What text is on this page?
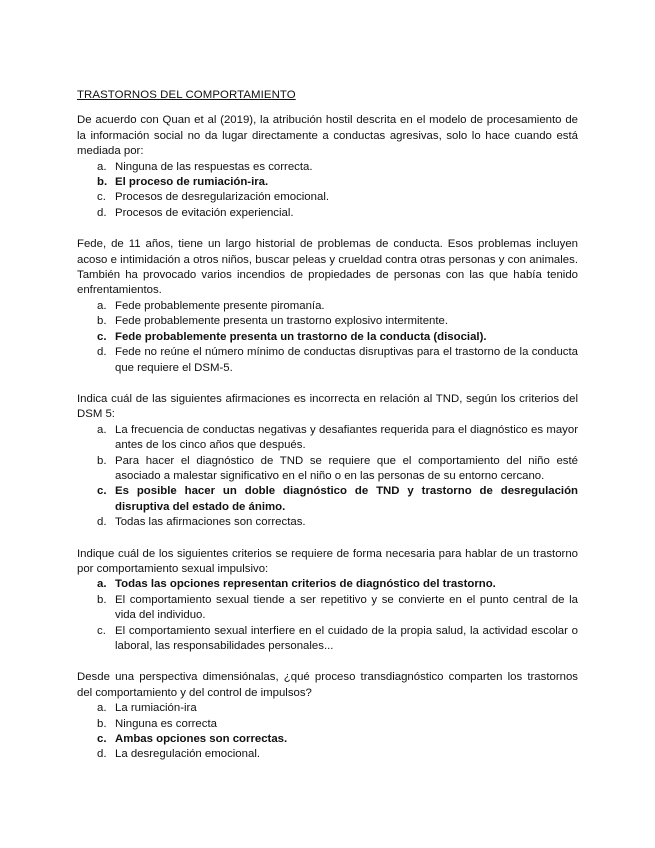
TRASTORNOS DEL COMPORTAMIENTO

De acuerdo con Quan et al (2019), la atribución hostil descrita en el modelo de procesamiento de la información social no da lugar directamente a conductas agresivas, solo lo hace cuando está mediada por:

a. Ninguna de las respuestas es correcta.
b. El proceso de rumiación-ira.
c. Procesos de desregularización emocional.
d. Procesos de evitación experiencial.

Fede, de 11 años, tiene un largo historial de problemas de conducta. Esos problemas incluyen acoso e intimidación a otros niños, buscar peleas y crueldad contra otras personas y con animales. También ha provocado varios incendios de propiedades de personas con las que había tenido enfrentamientos.

a. Fede probablemente presente piromanía.
b. Fede probablemente presenta un trastorno explosivo intermitente.
c. Fede probablemente presenta un trastorno de la conducta (disocial).
d. Fede no reúne el número mínimo de conductas disruptivas para el trastorno de la conducta que requiere el DSM-5.

Indica cuál de las siguientes afirmaciones es incorrecta en relación al TND, según los criterios del DSM 5:

a. La frecuencia de conductas negativas y desafiantes requerida para el diagnóstico es mayor antes de los cinco años que después.
b. Para hacer el diagnóstico de TND se requiere que el comportamiento del niño esté asociado a malestar significativo en el niño o en las personas de su entorno cercano.
c. Es posible hacer un doble diagnóstico de TND y trastorno de desregulación disruptiva del estado de ánimo.
d. Todas las afirmaciones son correctas.

Indique cuál de los siguientes criterios se requiere de forma necesaria para hablar de un trastorno por comportamiento sexual impulsivo:

a. Todas las opciones representan criterios de diagnóstico del trastorno.
b. El comportamiento sexual tiende a ser repetitivo y se convierte en el punto central de la vida del individuo.
c. El comportamiento sexual interfiere en el cuidado de la propia salud, la actividad escolar o laboral, las responsabilidades personales...

Desde una perspectiva dimensiónalas, ¿qué proceso transdiagnóstico comparten los trastornos del comportamiento y del control de impulsos?

a. La rumiación-ira
b. Ninguna es correcta
c. Ambas opciones son correctas.
d. La desregulación emocional.
